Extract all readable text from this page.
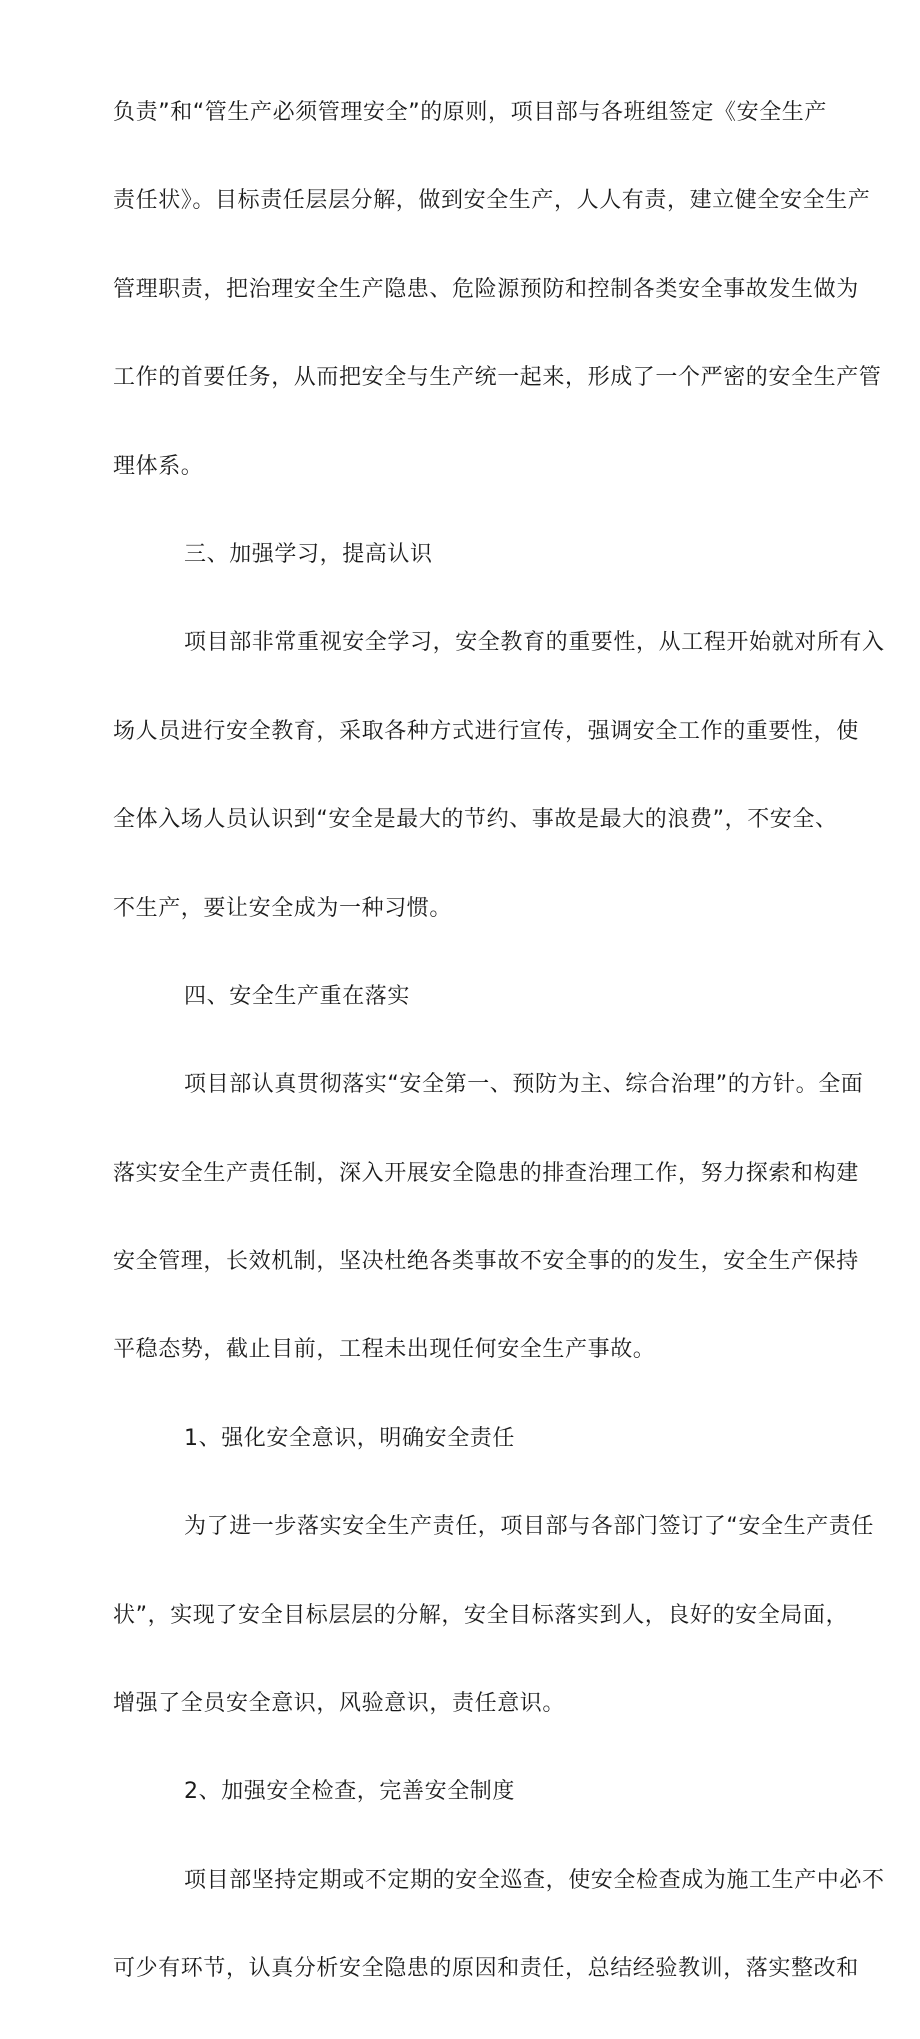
负责”和“管生产必须管理安全”的原则，项目部与各班组签定《安全生产
责任状》。目标责任层层分解，做到安全生产，人人有责，建立健全安全生产
管理职责，把治理安全生产隐患、危险源预防和控制各类安全事故发生做为
工作的首要任务，从而把安全与生产统一起来，形成了一个严密的安全生产管
理体系。
三、加强学习，提高认识
项目部非常重视安全学习，安全教育的重要性，从工程开始就对所有入
场人员进行安全教育，采取各种方式进行宣传，强调安全工作的重要性，使
全体入场人员认识到“安全是最大的节约、事故是最大的浪费”，不安全、
不生产，要让安全成为一种习惯。
四、安全生产重在落实
项目部认真贯彻落实“安全第一、预防为主、综合治理”的方针。全面
落实安全生产责任制，深入开展安全隐患的排查治理工作，努力探索和构建
安全管理，长效机制，坚决杜绝各类事故不安全事的的发生，安全生产保持
平稳态势，截止目前，工程未出现任何安全生产事故。
1、强化安全意识，明确安全责任
为了进一步落实安全生产责任，项目部与各部门签订了“安全生产责任
状”，实现了安全目标层层的分解，安全目标落实到人，良好的安全局面，
增强了全员安全意识，风验意识，责任意识。
2、加强安全检查，完善安全制度
项目部坚持定期或不定期的安全巡查，使安全检查成为施工生产中必不
可少有环节，认真分析安全隐患的原因和责任，总结经验教训，落实整改和
